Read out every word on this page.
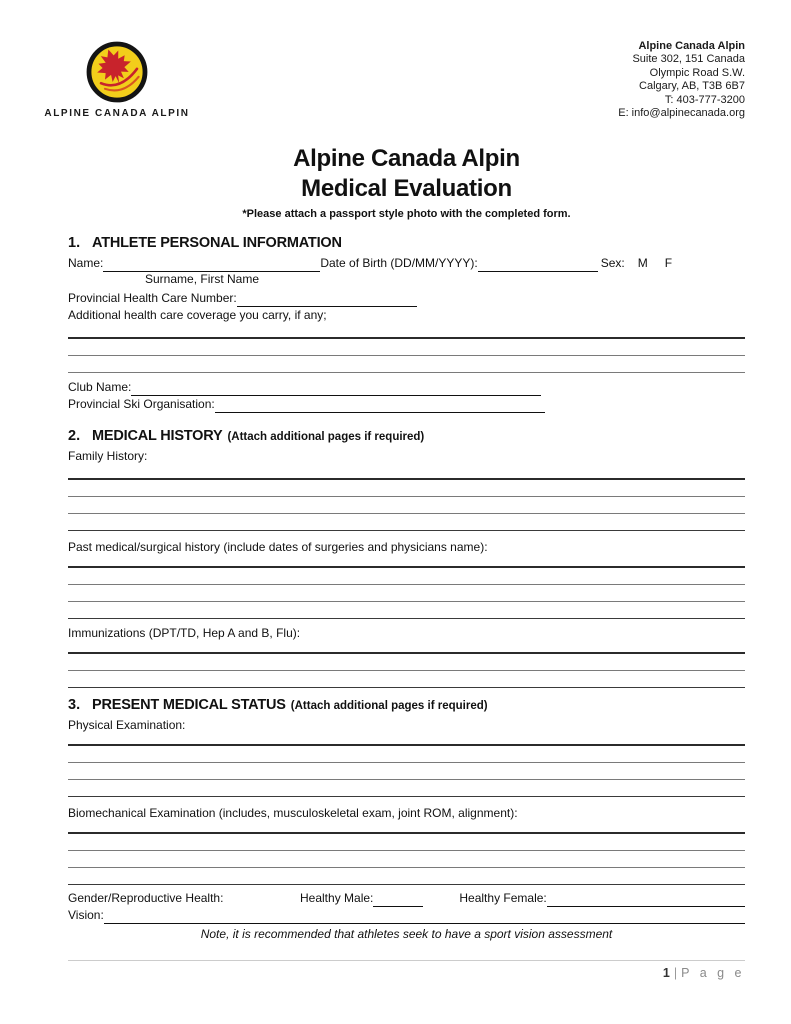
ALPINE CANADA ALPIN
Alpine Canada Alpin
Suite 302, 151 Canada
Olympic Road S.W.
Calgary, AB, T3B 6B7
T: 403-777-3200
E: info@alpinecanada.org
Alpine Canada Alpin
Medical Evaluation
*Please attach a passport style photo with the completed form.
1. ATHLETE PERSONAL INFORMATION
Name:	Date of Birth (DD/MM/YYYY):	Sex: M F
Surname, First Name
Provincial Health Care Number:
Additional health care coverage you carry, if any;
Club Name:
Provincial Ski Organisation:
2. MEDICAL HISTORY (Attach additional pages if required)
Family History:
Past medical/surgical history (include dates of surgeries and physicians name):
Immunizations (DPT/TD, Hep A and B, Flu):
3. PRESENT MEDICAL STATUS (Attach additional pages if required)
Physical Examination:
Biomechanical Examination (includes, musculoskeletal exam, joint ROM, alignment):
Gender/Reproductive Health:	Healthy Male:	Healthy Female:
Vision:
Note, it is recommended that athletes seek to have a sport vision assessment
1 | P a g e
